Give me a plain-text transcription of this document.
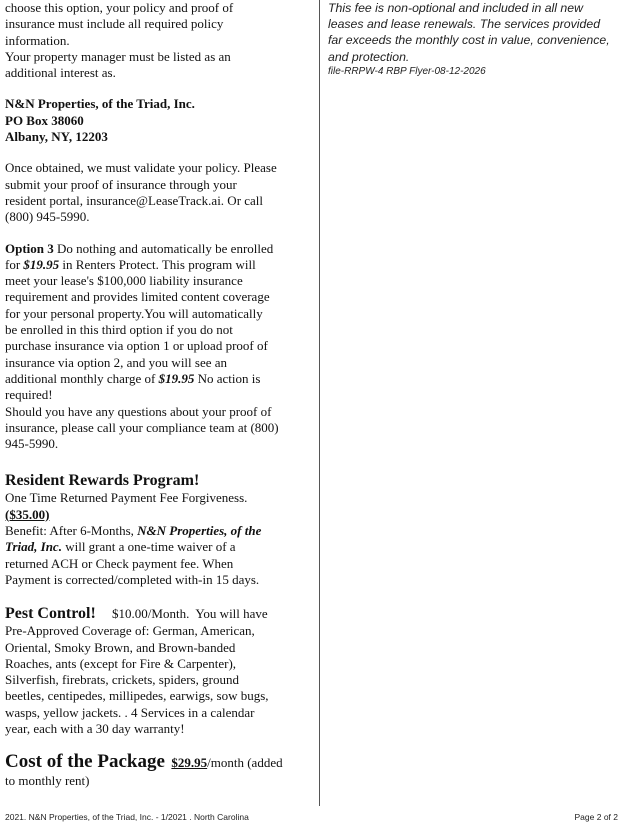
choose this option, your policy and proof of

insurance must include all required policy

information.

Your property manager must be listed as an

additional interest as.

N&N Properties, of the Triad, Inc.

PO Box 38060

Albany, NY, 12203

Once obtained, we must validate your policy. Please

submit your proof of insurance through your

resident portal, insurance@LeaseTrack.ai. Or call

(800) 945-5990.

Option 3 Do nothing and automatically be enrolled

for $19.95 in Renters Protect. This program will

meet your lease's $100,000 liability insurance

requirement and provides limited content coverage

for your personal property.You will automatically

be enrolled in this third option if you do not

purchase insurance via option 1 or upload proof of

insurance via option 2, and you will see an

additional monthly charge of $19.95 No action is

required!

Should you have any questions about your proof of

insurance, please call your compliance team at (800)

945-5990.

Resident Rewards Program!

One Time Returned Payment Fee Forgiveness.

($35.00)

Benefit: After 6-Months, N&N Properties, of the

Triad, Inc. will grant a one-time waiver of a

returned ACH or Check payment fee. When

Payment is corrected/completed with-in 15 days.

Pest Control!     $10.00/Month.  You will have

Pre-Approved Coverage of: German, American,

Oriental, Smoky Brown, and Brown-banded

Roaches, ants (except for Fire & Carpenter),

Silverfish, firebrats, crickets, spiders, ground

beetles, centipedes, millipedes, earwigs, sow bugs,

wasps, yellow jackets. . 4 Services in a calendar

year, each with a 30 day warranty!

Cost of the Package $29.95/month (added

to monthly rent)

This fee is non-optional and included in all new

leases and lease renewals. The services provided

far exceeds the monthly cost in value, convenience,

and protection.

file-RRPW-4 RBP Flyer-08-12-2026

2021. N&N Properties, of the Triad, Inc. - 1/2021 . North Carolina	Page 2 of 2
